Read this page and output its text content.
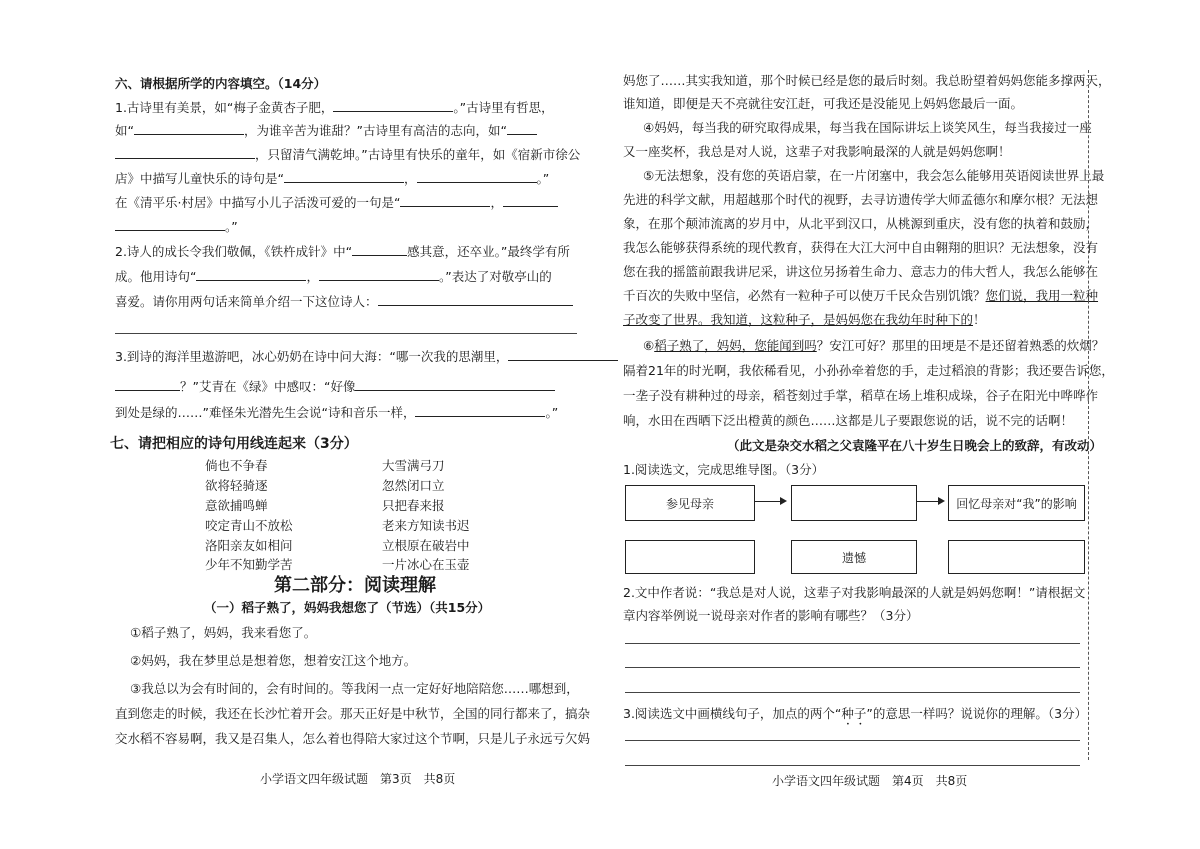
六、请根据所学的内容填空。（14分）
1.古诗里有美景，如“梅子金黄杏子肥，	。”古诗里有哲思，
如“	，为谁辛苦为谁甜？”古诗里有高洁的志向，如“
，只留清气满乾坤。”古诗里有快乐的童年，如《宿新市徐公
店》中描写儿童快乐的诗句是“	，	。”
在《清平乐·村居》中描写小儿子活泼可爱的一句是“	，
。”
2.诗人的成长令我们敬佩，《铁杵成针》中“	感其意，还卒业。”最终学有所
成。他用诗句“	，	。”表达了对敬亭山的
喜爱。请你用两句话来简单介绍一下这位诗人：
3.到诗的海洋里遨游吧，冰心奶奶在诗中问大海：“哪一次我的思潮里，
？”艾青在《绿》中感叹：“好像
到处是绿的……”难怪朱光潜先生会说“诗和音乐一样，	。”
七、请把相应的诗句用线连起来（3分）
倘也不争春
欲将轻骑逐
意欲捕鸣蝉
咬定青山不放松
洛阳亲友如相问
少年不知勤学苦
大雪满弓刀
忽然闭口立
只把春来报
老来方知读书迟
立根原在破岩中
一片冰心在玉壶
第二部分：阅读理解
（一）稻子熟了，妈妈我想您了（节选）（共15分）
①稻子熟了，妈妈，我来看您了。
②妈妈，我在梦里总是想着您，想着安江这个地方。
③我总以为会有时间的，会有时间的。等我闲一点一定好好地陪陪您……哪想到，
直到您走的时候，我还在长沙忙着开会。那天正好是中秋节，全国的同行都来了，搞杂
交水稻不容易啊，我又是召集人，怎么着也得陪大家过这个节啊，只是儿子永远亏欠妈
小学语文四年级试题　第3页　共8页
妈您了……其实我知道，那个时候已经是您的最后时刻。我总盼望着妈妈您能多撑两天，
谁知道，即便是天不亮就往安江赶，可我还是没能见上妈妈您最后一面。
④妈妈，每当我的研究取得成果，每当我在国际讲坛上谈笑风生，每当我接过一座
又一座奖杯，我总是对人说，这辈子对我影响最深的人就是妈妈您啊！
⑤无法想象，没有您的英语启蒙，在一片闭塞中，我会怎么能够用英语阅读世界上最
先进的科学文献，用超越那个时代的视野，去寻访遗传学大师孟德尔和摩尔根？无法想
象，在那个颠沛流离的岁月中，从北平到汉口，从桃源到重庆，没有您的执着和鼓励，
我怎么能够获得系统的现代教育，获得在大江大河中自由翱翔的胆识？无法想象，没有
您在我的摇篮前跟我讲尼采，讲这位另扬着生命力、意志力的伟大哲人，我怎么能够在
千百次的失败中坚信，必然有一粒种子可以使万千民众告别饥饿？您们说，我用一粒种
子改变了世界。我知道，这粒种子，是妈妈您在我幼年时种下的！
⑥稻子熟了，妈妈，您能闻到吗？安江可好？那里的田埂是不是还留着熟悉的炊烟？
隔着21年的时光啊，我依稀看见，小孙孙牵着您的手，走过稻浪的背影；我还要告诉您，
一垄子没有耕种过的母亲，稻苍刻过手掌，稻草在场上堆积成垛，谷子在阳光中哗哗作
响，水田在西晒下泛出橙黄的颜色……这都是儿子要跟您说的话，说不完的话啊！
（此文是杂交水稻之父袁隆平在八十岁生日晚会上的致辞，有改动）
1.阅读选文，完成思维导图。（3分）
参见母亲	回忆母亲对“我”的影响
遗憾
2.文中作者说：“我总是对人说，这辈子对我影响最深的人就是妈妈您啊！”请根据文
章内容举例说一说母亲对作者的影响有哪些？（3分）
3.阅读选文中画横线句子，加点的两个“种子”的意思一样吗？说说你的理解。（3分）
小学语文四年级试题　第4页　共8页
